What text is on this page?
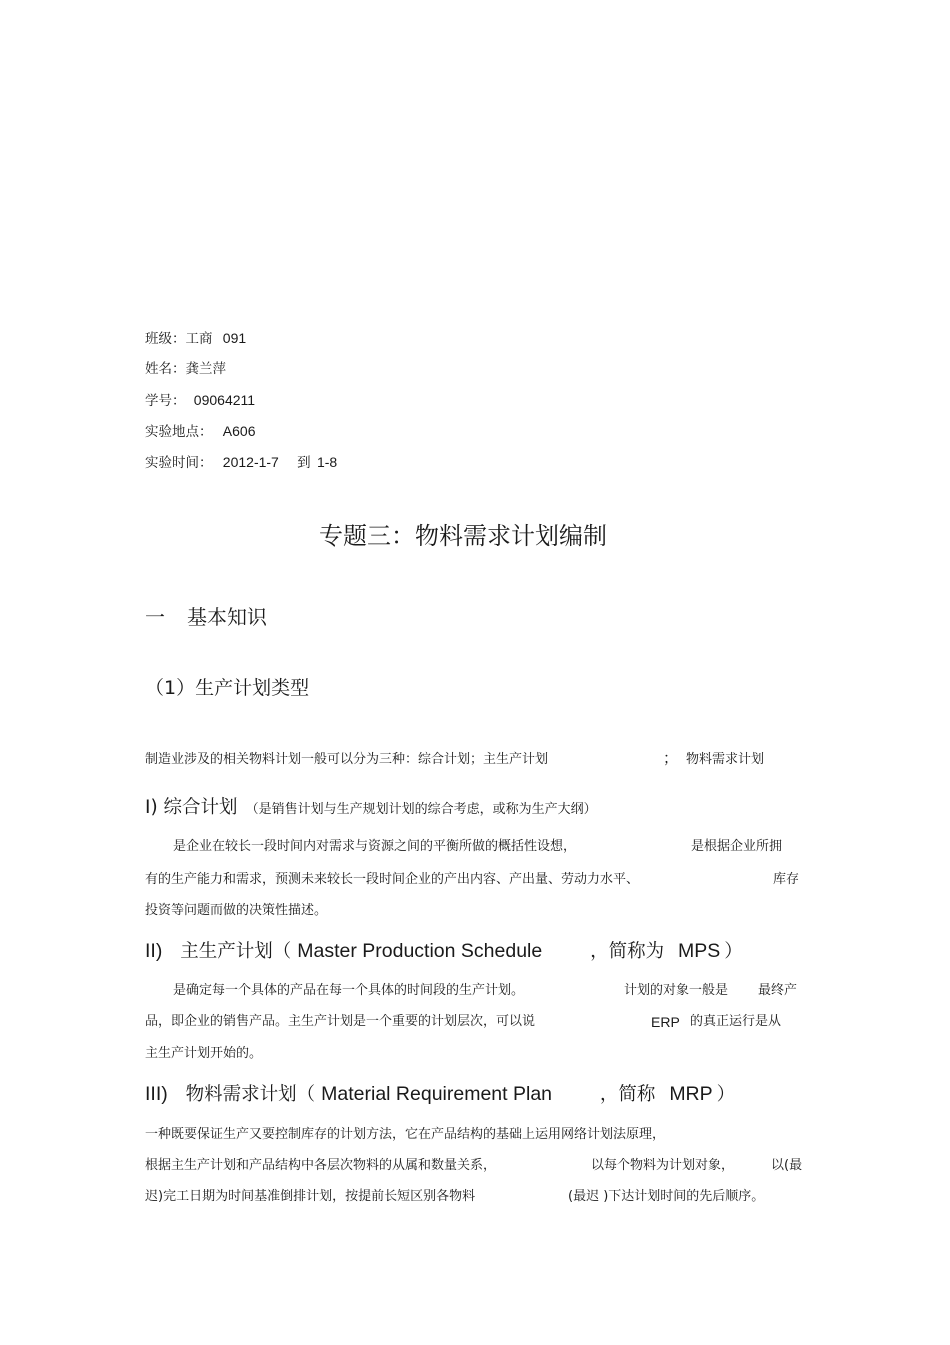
班级：工商 091
姓名：龚兰萍
学号： 09064211
实验地点： A606
实验时间： 2012-1-7 到 1-8
专题三：物料需求计划编制
一 基本知识
（1）生产计划类型
制造业涉及的相关物料计划一般可以分为三种：综合计划；主生产计划	； 物料需求计划
I) 综合计划 （是销售计划与生产规划计划的综合考虑，或称为生产大纲）
是企业在较长一段时间内对需求与资源之间的平衡所做的概括性设想，	是根据企业所拥
有的生产能力和需求，预测未来较长一段时间企业的产出内容、产出量、劳动力水平、	库存
投资等问题而做的决策性描述。
II) 主生产计划（ Master Production Schedule	，简称为 MPS ）
是确定每一个具体的产品在每一个具体的时间段的生产计划。	计划的对象一般是 最终产
品，即企业的销售产品。主生产计划是一个重要的计划层次，可以说	ERP 的真正运行是从
主生产计划开始的。
III) 物料需求计划（ Material Requirement Plan	，简称 MRP ）
一种既要保证生产又要控制库存的计划方法，它在产品结构的基础上运用网络计划法原理，
根据主生产计划和产品结构中各层次物料的从属和数量关系，	以每个物料为计划对象，	以(最
迟)完工日期为时间基准倒排计划，按提前长短区别各物料	(最迟 )下达计划时间的先后顺序。
